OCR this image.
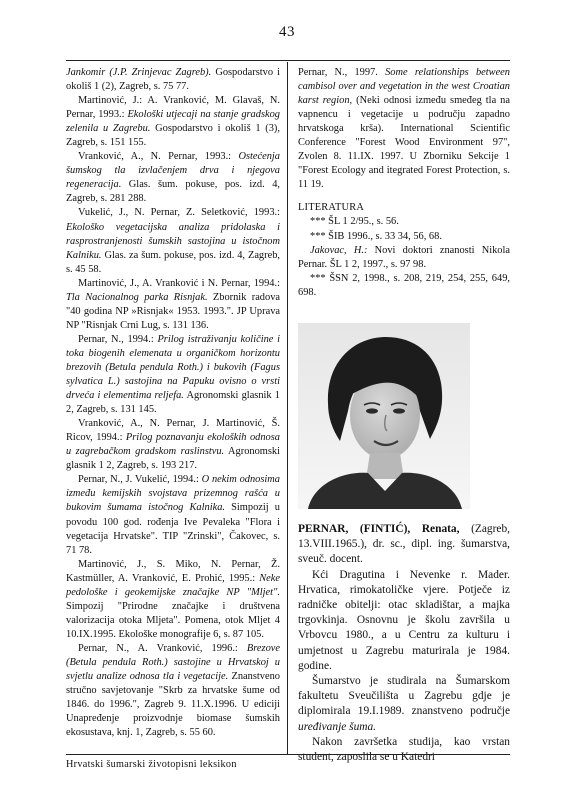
43

Jankomir (J.P. Zrinjevac Zagreb). Gospodarstvo i okoliš 1 (2), Zagreb, s. 75 77.

Martinović, J.: A. Vranković, M. Glavaš, N. Pernar, 1993.: Ekološki utjecaji na stanje gradskog zelenila u Zagrebu. Gospodarstvo i okoliš 1 (3), Zagreb, s. 151 155.

Vranković, A., N. Pernar, 1993.: Ostećenja šumskog tla izvlačenjem drva i njegova regeneracija. Glas. šum. pokuse, pos. izd. 4, Zagreb, s. 281 288.

Vukelić, J., N. Pernar, Z. Seletković, 1993.: Ekološko vegetacijska analiza pridolaska i rasprostranjenosti šumskih sastojina u istočnom Kalniku. Glas. za šum. pokuse, pos. izd. 4, Zagreb, s. 45 58.

Martinović, J., A. Vranković i N. Pernar, 1994.: Tla Nacionalnog parka Risnjak. Zbornik radova "40 godina NP »Risnjak« 1953. 1993.". JP Uprava NP "Risnjak Crni Lug, s. 131 136.

Pernar, N., 1994.: Prilog istraživanju količine i toka biogenih elemenata u organičkom horizontu brezovih (Betula pendula Roth.) i bukovih (Fagus sylvatica L.) sastojina na Papuku ovisno o vrsti drveća i elementima reljefa. Agronomski glasnik 1 2, Zagreb, s. 131 145.

Vranković, A., N. Pernar, J. Martinović, Š. Ricov, 1994.: Prilog poznavanju ekoloških odnosa u zagrebačkom gradskom raslinstvu. Agronomski glasnik 1 2, Zagreb, s. 193 217.

Pernar, N., J. Vukelić, 1994.: O nekim odnosima između kemijskih svojstava prizemnog rašća u bukovim šumama istočnog Kalnika. Simpozij u povodu 100 god. rođenja Ive Pevaleka "Flora i vegetacija Hrvatske". TIP "Zrinski", Čakovec, s. 71 78.

Martinović, J., S. Miko, N. Pernar, Ž. Kastmüller, A. Vranković, E. Prohić, 1995.: Neke pedološke i geokemijske značajke NP "Mljet". Simpozij "Prirodne značajke i društvena valorizacija otoka Mljeta". Pomena, otok Mljet 4 10.IX.1995. Ekološke monografije 6, s. 87 105.

Pernar, N., A. Vranković, 1996.: Brezove (Betula pendula Roth.) sastojine u Hrvatskoj u svjetlu analize odnosa tla i vegetacije. Znanstveno stručno savjetovanje "Skrb za hrvatske šume od 1846. do 1996.", Zagreb 9. 11.X.1996. U ediciji Unapređenje proizvodnje biomase šumskih ekosustava, knj. 1, Zagreb, s. 55 60.

Pernar, N., 1997. Some relationships between cambisol over and vegetation in the west Croatian karst region, (Neki odnosi između smeđeg tla na vapnencu i vegetacije u području zapadno hrvatskoga krša). International Scientific Conference "Forest Wood Environment 97", Zvolen 8. 11.IX. 1997. U Zborniku Sekcije 1 "Forest Ecology and itegrated Forest Protection, s. 11 19.

LITERATURA

*** ŠL 1 2/95., s. 56.

*** ŠIB 1996., s. 33 34, 56, 68.

Jakovac, H.: Novi doktori znanosti Nikola Pernar. ŠL 1 2, 1997., s. 97 98.

*** ŠSN 2, 1998., s. 208, 219, 254, 255, 649, 698.

PERNAR, (FINTIĆ), Renata, (Zagreb, 13.VIII.1965.), dr. sc., dipl. ing. šumarstva, sveuč. docent.

Kći Dragutina i Nevenke r. Mader. Hrvatica, rimokatoličke vjere. Potječe iz radničke obitelji: otac skladištar, a majka trgovkinja. Osnovnu je školu završila u Vrbovcu 1980., a u Centru za kulturu i umjetnost u Zagrebu maturirala je 1984. godine.

Šumarstvo je studirala na Šumarskom fakultetu Sveučilišta u Zagrebu gdje je diplomirala 19.I.1989. znanstveno područje uređivanje šuma.

Nakon završetka studija, kao vrstan student, zaposlila se u Katedri

Hrvatski šumarski životopisni leksikon
